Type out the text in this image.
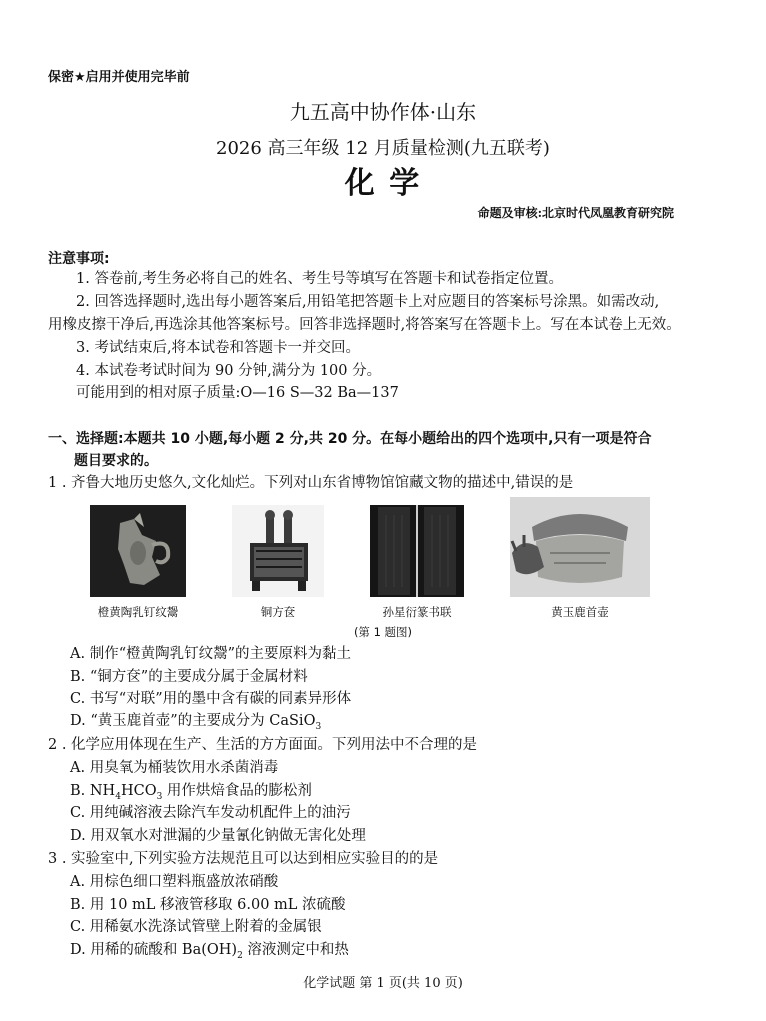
保密★启用并使用完毕前
九五高中协作体·山东
2026 高三年级 12 月质量检测(九五联考)
化 学
命题及审核:北京时代凤凰教育研究院
注意事项:
1. 答卷前,考生务必将自己的姓名、考生号等填写在答题卡和试卷指定位置。
2. 回答选择题时,选出每小题答案后,用铅笔把答题卡上对应题目的答案标号涂黑。如需改动,
用橡皮擦干净后,再选涂其他答案标号。回答非选择题时,将答案写在答题卡上。写在本试卷上无效。
3. 考试结束后,将本试卷和答题卡一并交回。
4. 本试卷考试时间为 90 分钟,满分为 100 分。
可能用到的相对原子质量:O—16 S—32 Ba—137
一、选择题:本题共 10 小题,每小题 2 分,共 20 分。在每小题给出的四个选项中,只有一项是符合
题目要求的。
1 . 齐鲁大地历史悠久,文化灿烂。下列对山东省博物馆馆藏文物的描述中,错误的是
橙黄陶乳钉纹鬶	铜方奁	孙星衍篆书联	黄玉鹿首壶
(第 1 题图)
A. 制作“橙黄陶乳钉纹鬶”的主要原料为黏土
B. “铜方奁”的主要成分属于金属材料
C. 书写“对联”用的墨中含有碳的同素异形体
D. “黄玉鹿首壶”的主要成分为 CaSiO$_3$
2 . 化学应用体现在生产、生活的方方面面。下列用法中不合理的是
A. 用臭氧为桶装饮用水杀菌消毒
B. $NH_4HCO_3$ 用作烘焙食品的膨松剂
C. 用纯碱溶液去除汽车发动机配件上的油污
D. 用双氧水对泄漏的少量氰化钠做无害化处理
3 . 实验室中,下列实验方法规范且可以达到相应实验目的的是
A. 用棕色细口塑料瓶盛放浓硝酸
B. 用 10 mL 移液管移取 6.00 mL 浓硫酸
C. 用稀氨水洗涤试管壁上附着的金属银
D. 用稀的硫酸和 $Ba(OH)_2$ 溶液测定中和热
化学试题 第 1 页(共 10 页)
